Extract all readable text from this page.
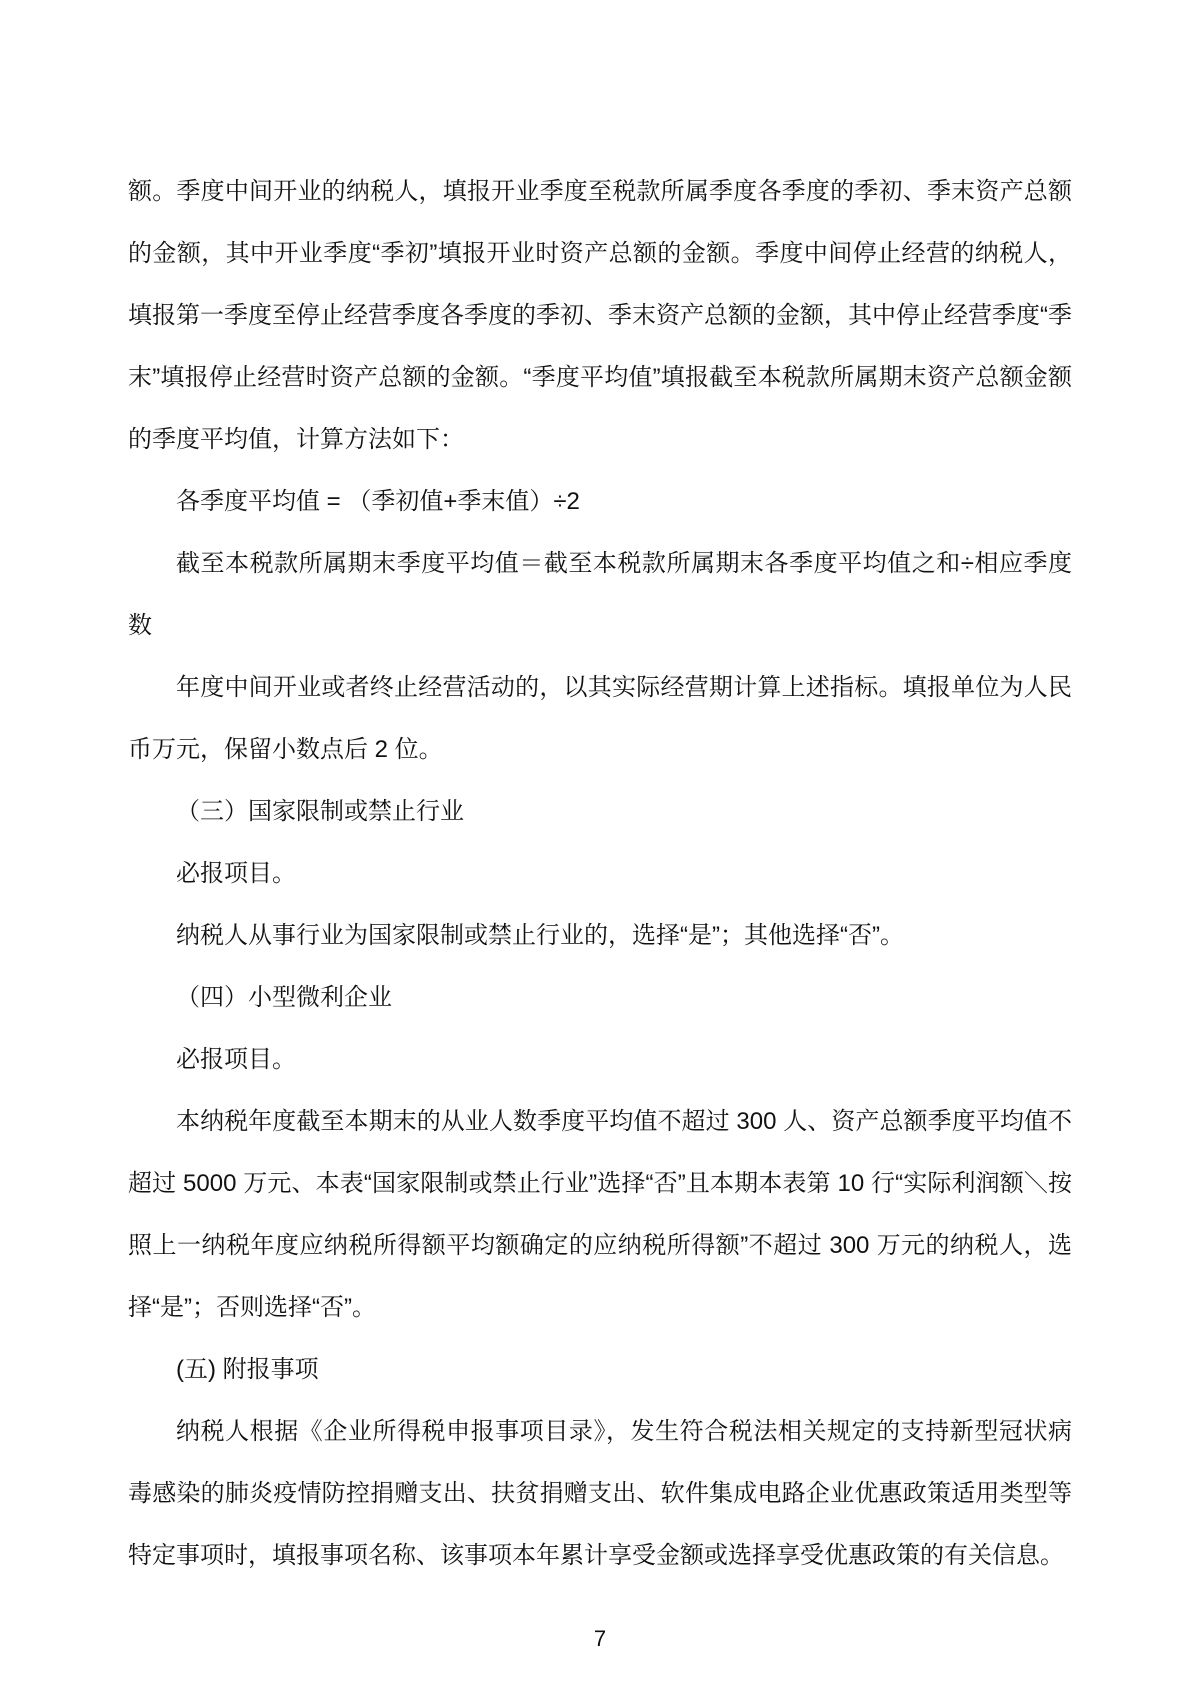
额。季度中间开业的纳税人，填报开业季度至税款所属季度各季度的季初、季末资产总额的金额，其中开业季度“季初”填报开业时资产总额的金额。季度中间停止经营的纳税人，填报第一季度至停止经营季度各季度的季初、季末资产总额的金额，其中停止经营季度“季末”填报停止经营时资产总额的金额。“季度平均值”填报截至本税款所属期末资产总额金额的季度平均值，计算方法如下：

各季度平均值 = （季初值+季末值）÷2

截至本税款所属期末季度平均值＝截至本税款所属期末各季度平均值之和÷相应季度数

年度中间开业或者终止经营活动的，以其实际经营期计算上述指标。填报单位为人民币万元，保留小数点后 2 位。

（三）国家限制或禁止行业

必报项目。

纳税人从事行业为国家限制或禁止行业的，选择“是”；其他选择“否”。

（四）小型微利企业

必报项目。

本纳税年度截至本期末的从业人数季度平均值不超过 300 人、资产总额季度平均值不超过 5000 万元、本表“国家限制或禁止行业”选择“否”且本期本表第 10 行“实际利润额＼按照上一纳税年度应纳税所得额平均额确定的应纳税所得额”不超过 300 万元的纳税人，选择“是”；否则选择“否”。

(五) 附报事项

纳税人根据《企业所得税申报事项目录》，发生符合税法相关规定的支持新型冠状病毒感染的肺炎疫情防控捐赠支出、扶贫捐赠支出、软件集成电路企业优惠政策适用类型等特定事项时，填报事项名称、该事项本年累计享受金额或选择享受优惠政策的有关信息。

7
